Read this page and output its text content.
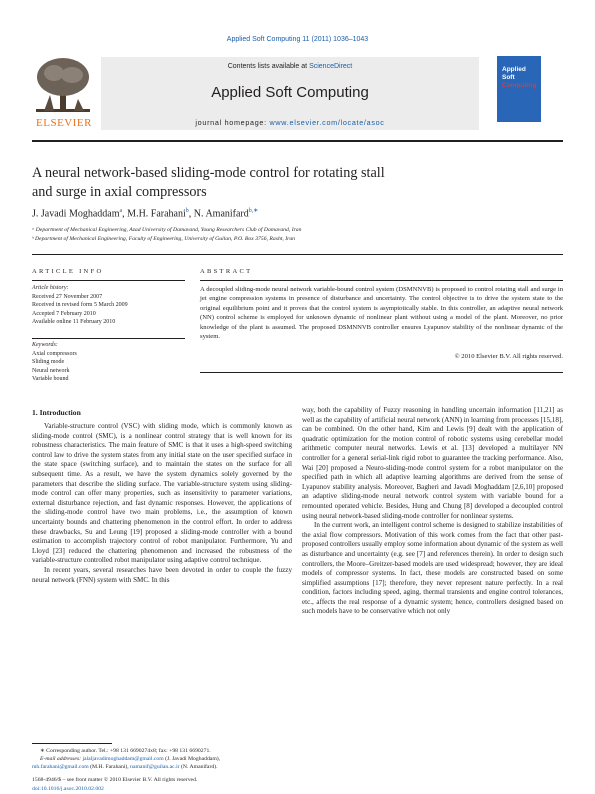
Applied Soft Computing 11 (2011) 1036–1043
ELSEVIER
Contents lists available at ScienceDirect
Applied Soft Computing
journal homepage: www.elsevier.com/locate/asoc
Applied
Soft
Computing
A neural network-based sliding-mode control for rotating stall
and surge in axial compressors
J. Javadi Moghaddam$^a$, M.H. Farahani$^b$, N. Amanifard$^{b,∗}$
ᵃ Department of Mechanical Engineering, Azad University of Damavand, Young Researchers Club of Damavand, Iran
ᵇ Department of Mechanical Engineering, Faculty of Engineering, University of Guilan, P.O. Box 3756, Rasht, Iran
ARTICLE INFO
Article history:
Received 27 November 2007
Received in revised form 5 March 2009
Accepted 7 February 2010
Available online 11 February 2010
Keywords:
Axial compressors
Sliding mode
Neural network
Variable bound
ABSTRACT
A decoupled sliding-mode neural network variable-bound control system (DSMNNVB) is proposed to control rotating stall and surge in jet engine compression systems in presence of disturbance and uncertainty. The control objective is to drive the system state to the original equilibrium point and it proves that the control system is asymptotically stable. In this controller, an adaptive neural network (NN) control scheme is employed for unknown dynamic of nonlinear plant without using a model of the plant. Moreover, no prior knowledge of the plant is assumed. The proposed DSMNNVB controller ensures Lyapunov stability of the nonlinear dynamic of the system.
© 2010 Elsevier B.V. All rights reserved.
1. Introduction

Variable-structure control (VSC) with sliding mode, which is commonly known as sliding-mode control (SMC), is a nonlinear control strategy that is well known for its robustness characteristics. The main feature of SMC is that it uses a high-speed switching control law to drive the system states from any initial state on the user specified surface in the state space (switching surface), and to maintain the states on the surface for all subsequent time. As a result, we have the system dynamics solely governed by the parameters that describe the sliding surface. The variable-structure system using sliding-mode control can offer many properties, such as insensitivity to parameter variations, external disturbance rejection, and fast dynamic responses. However, the applications of the sliding-mode control have two main problems, i.e., the assumption of known uncertainty bounds and chattering phenomenon in the control effort. In order to address these drawbacks, Su and Leung [19] proposed a sliding-mode controller with a bound estimation to accomplish trajectory control of robot manipulator. Furthermore, Yu and Lloyd [23] reduced the chattering phenomenon and increased the robustness of the variable-structure controlled robot manipulator using adaptive control technique.

In recent years, several researches have been devoted in order to couple the fuzzy neural network (FNN) system with SMC. In this

way, both the capability of Fuzzy reasoning in handling uncertain information [11,21] as well as the capability of artificial neural network (ANN) in learning from processes [15,18], can be combined. On the other hand, Kim and Lewis [9] dealt with the application of quadratic optimization for the motion control of robotic systems using cerebellar model arithmetic computer neural networks. Lewis et al. [13] developed a multilayer NN controller for a general serial-link rigid robot to guarantee the tracking performance. Also, Wai [20] proposed a Neuro-sliding-mode control system for a robot manipulator on the specified path in which all adaptive learning algorithms are derived from the sense of Lyapunov stability analysis. Moreover, Bagheri and Javadi Moghaddam [2,6,10] proposed an adaptive sliding-mode neural network control system with variable bound for a remounted operated vehicle. Besides, Hung and Chung [8] developed a decoupled control using neural network-based sliding-mode controller for nonlinear systems.

In the current work, an intelligent control scheme is designed to stabilize instabilities of the axial flow compressors. Motivation of this work comes from the fact that other past-proposed controllers usually employ some information about dynamic of the system as well as disturbance and uncertainty (e.g. see [7] and references therein). In order to design such controllers, the Moore–Greitzer-based models are used widespread; however, they are ideal models of compressor systems. In fact, these models are constructed based on some simplified assumptions [17]; therefore, they never represent nature perfectly. In a real condition, factors including speed, aging, thermal transients and engine control tolerances, etc., affects the real response of a dynamic system; hence, controllers designed based on such models have to be conservative which not only

∗ Corresponding author. Tel.: +98 131 6690274x8; fax: +98 131 6690271.
E-mail addresses: jalaljavadimoghaddam@gmail.com (J. Javadi Moghaddam),
mh.farahani@gmail.com (M.H. Farahani), namanif@guilan.ac.ir (N. Amanifard).
1568-4946/$ – see front matter © 2010 Elsevier B.V. All rights reserved.
doi:10.1016/j.asoc.2010.02.002
